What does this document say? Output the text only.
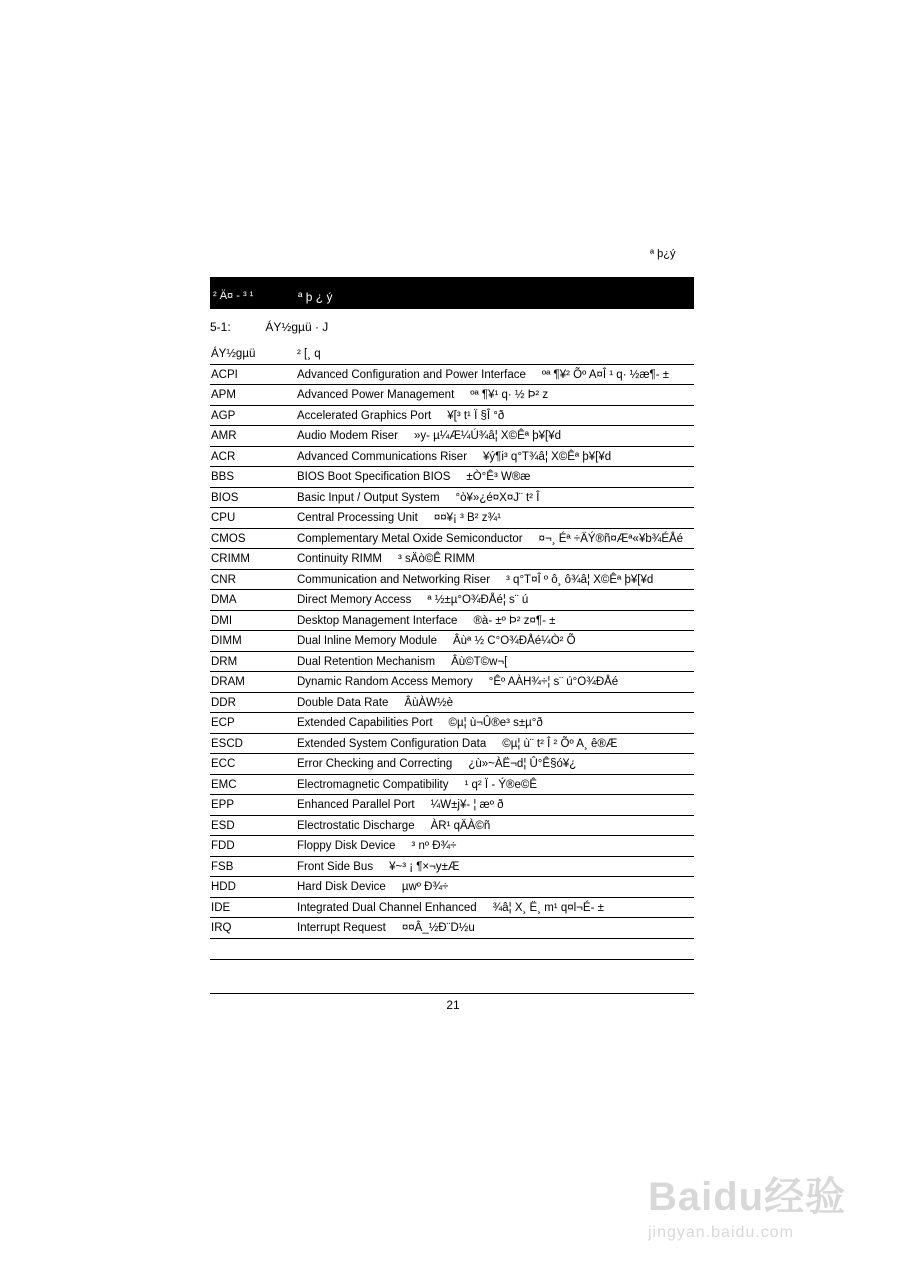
ª þ¿ý
² Ä¤ - ³ ¹	ª þ ¿ ý
5-1:	ÁY½gµü · J
ÁY½gµü	² [¸ q
ACPI	Advanced Configuration and Power Interface ºª ¶¥² Õº A¤Î ¹ q· ½æ¶- ±
APM	Advanced Power Management ºª ¶¥¹ q· ½ Þ² z
AGP	Accelerated Graphics Port ¥[³ t¹ Ï §Î °ð
AMR	Audio Modem Riser »y- µ¼Æ¼Ú¾â¦ X©Êª þ¥[¥d
ACR	Advanced Communications Riser ¥ý¶i³ q°T¾â¦ X©Êª þ¥[¥d
BBS	BIOS Boot Specification BIOS ±Ò°Ê³ W®æ
BIOS	Basic Input / Output System °ò¥»¿é¤X¤J¨ t² Î
CPU	Central Processing Unit ¤¤¥¡ ³ B² z¾¹
CMOS	Complementary Metal Oxide Semiconductor ¤¬¸ Éª ÷ÄÝ®ñ¤Æª«¥b¾ÉÅé
CRIMM	Continuity RIMM ³ sÄò©Ê RIMM
CNR	Communication and Networking Riser ³ q°T¤Î º ô¸ ô¾â¦ X©Êª þ¥[¥d
DMA	Direct Memory Access ª ½±µ°O¾ÐÅé¦ s¨ ú
DMI	Desktop Management Interface ®à- ±º Þ² z¤¶- ±
DIMM	Dual Inline Memory Module Âùª ½ C°O¾ÐÅé¼Ò² Õ
DRM	Dual Retention Mechanism Âù©T©w¬[
DRAM	Dynamic Random Access Memory °Êº AÀH¾÷¦ s¨ ú°O¾ÐÅé
DDR	Double Data Rate ÂùÀW½è
ECP	Extended Capabilities Port ©µ¦ ù¬Û®e³ s±µ°ð
ESCD	Extended System Configuration Data ©µ¦ ù¨ t² Î ² Õº A¸ ê®Æ
ECC	Error Checking and Correcting ¿ù»~ÀË¬d¦ Û°Ê§ó¥¿
EMC	Electromagnetic Compatibility ¹ q² Ï - Ý®e©Ê
EPP	Enhanced Parallel Port ¼W±j¥- ¦ æº ð
ESD	Electrostatic Discharge ÀR¹ qÄÀ©ñ
FDD	Floppy Disk Device ³ nº Ð¾÷
FSB	Front Side Bus ¥~³ ¡ ¶×¬y±Æ
HDD	Hard Disk Device µwº Ð¾÷
IDE	Integrated Dual Channel Enhanced ¾â¦ X¸ Ë¸ m¹ q¤l¬É- ±
IRQ	Interrupt Request ¤¤Â_½Ð¨D½u
21
Baidu经验
jingyan.baidu.com
